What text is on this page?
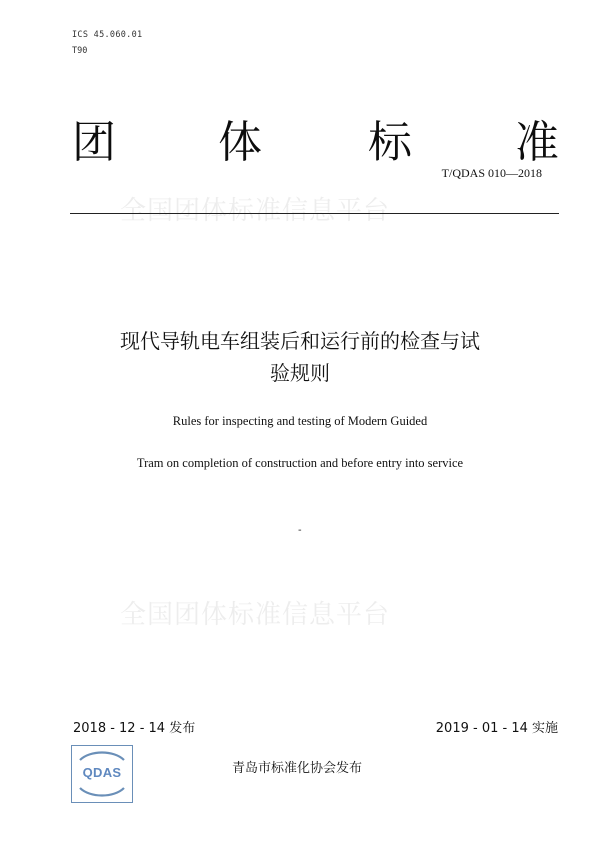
ICS 45.060.01
T90
团 体 标 准
T/QDAS 010—2018
全国团体标准信息平台
现代导轨电车组装后和运行前的检查与试
验规则
Rules for inspecting and testing of Modern Guided
Tram on completion of construction and before entry into service
-
全国团体标准信息平台
2018 - 12 - 14 发布	2019 - 01 - 14 实施
QDAS	青岛市标准化协会发布
